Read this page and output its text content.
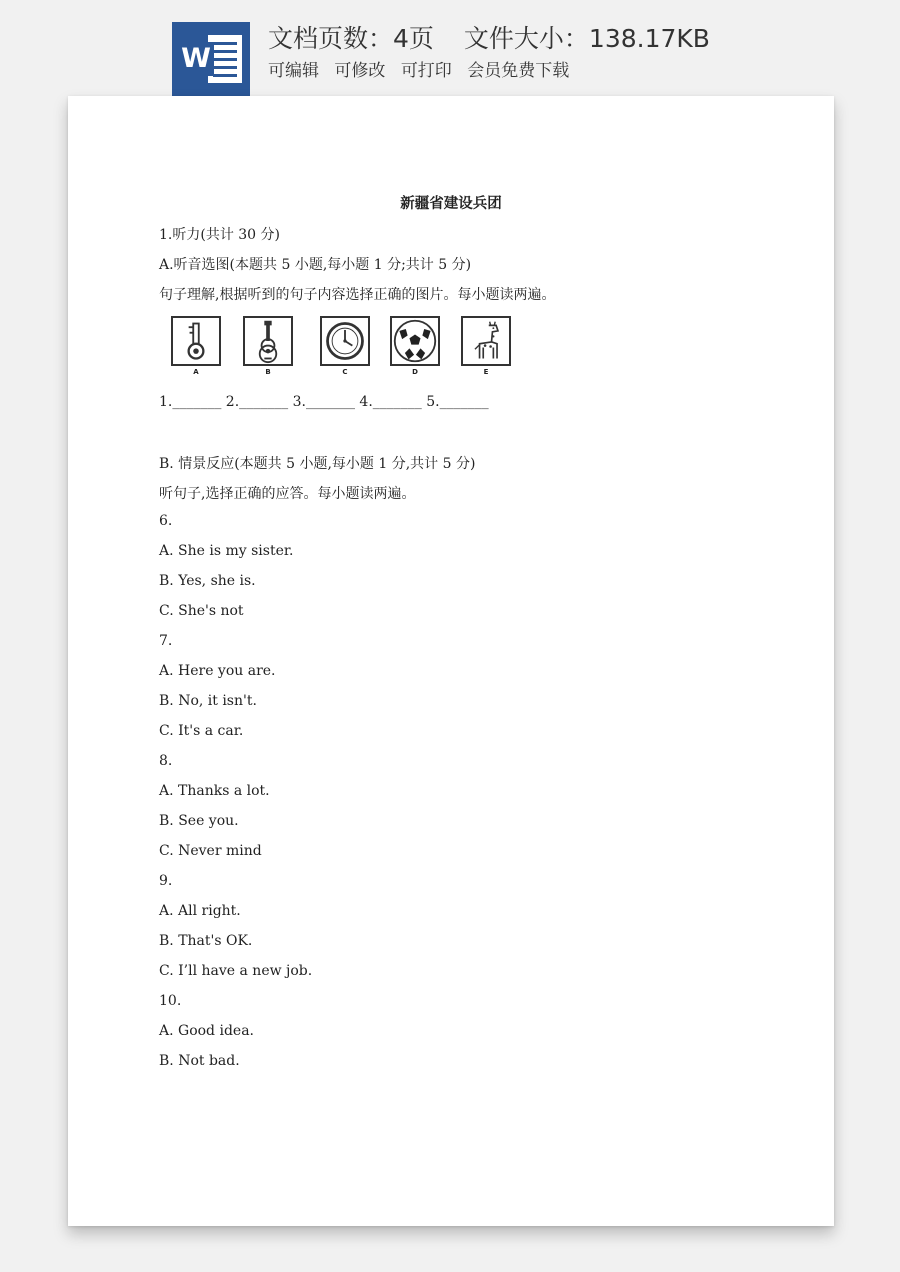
W
文档页数：4页 文件大小：138.17KB
可编辑 可修改 可打印 会员免费下载
新疆省建设兵团
1.听力(共计 30 分)
A.听音选图(本题共 5 小题,每小题 1 分;共计 5 分)
句子理解,根据听到的句子内容选择正确的图片。每小题读两遍。
A	B	C	D	E
1._______ 2._______ 3._______ 4._______ 5._______
B. 情景反应(本题共 5 小题,每小题 1 分,共计 5 分)
听句子,选择正确的应答。每小题读两遍。
6.
A. She is my sister.
B. Yes, she is.
C. She's not
7.
A. Here you are.
B. No, it isn't.
C. It's a car.
8.
A. Thanks a lot.
B. See you.
C. Never mind
9.
A. All right.
B. That's OK.
C. I’ll have a new job.
10.
A. Good idea.
B. Not bad.
